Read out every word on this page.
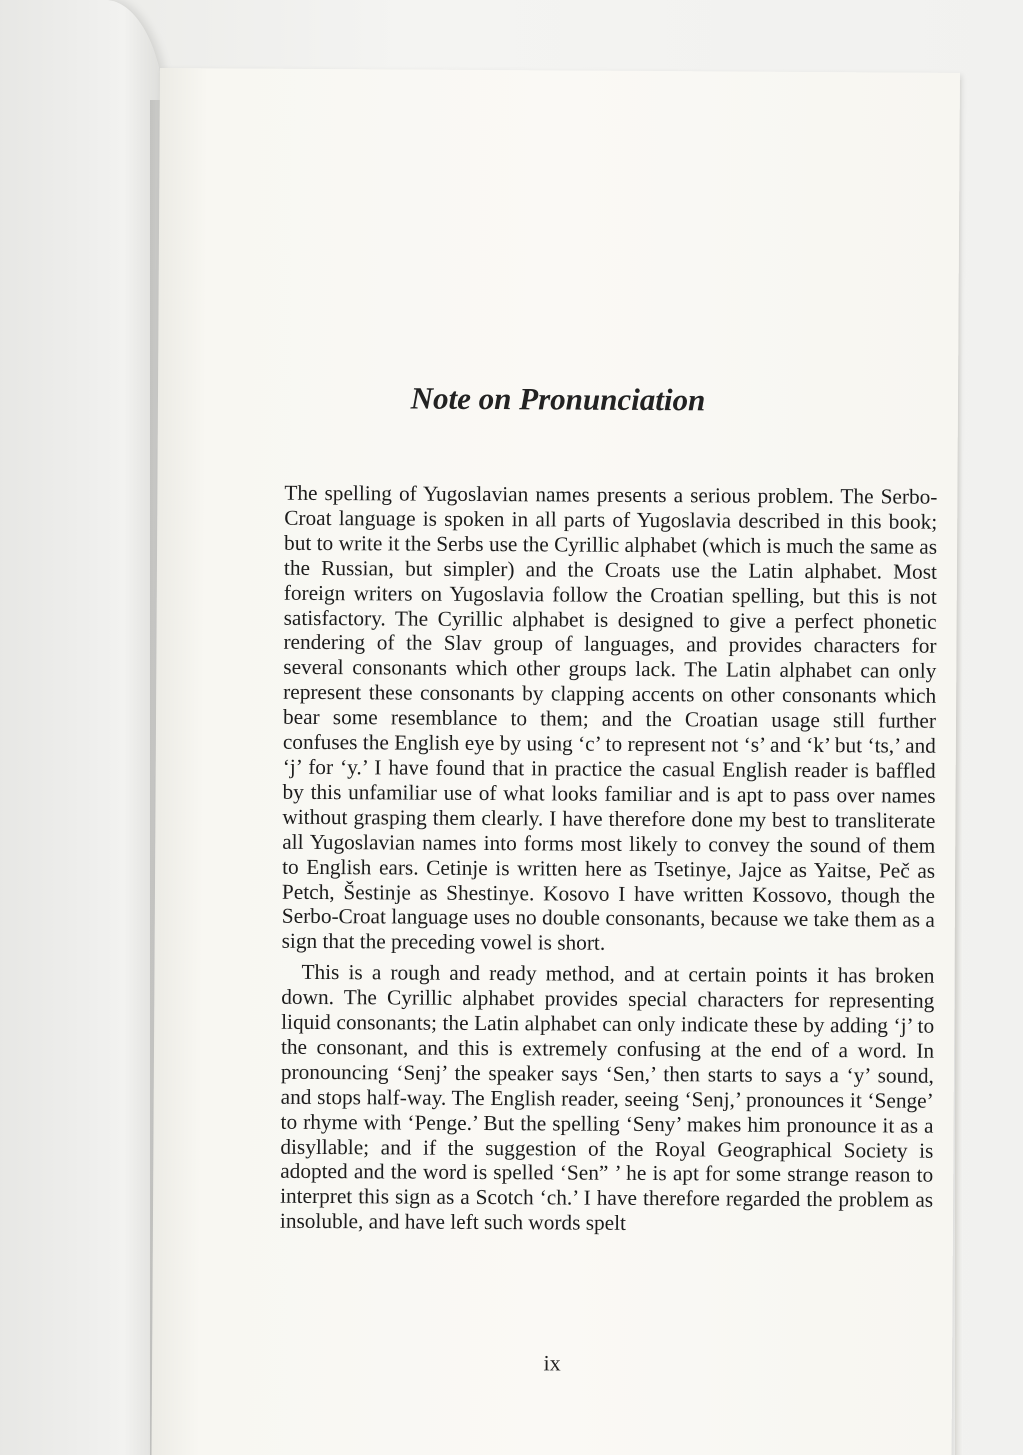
Note on Pronunciation

The spelling of Yugoslavian names presents a serious problem. The Serbo-Croat language is spoken in all parts of Yugoslavia described in this book; but to write it the Serbs use the Cyrillic alphabet (which is much the same as the Russian, but simpler) and the Croats use the Latin alphabet. Most foreign writers on Yugoslavia follow the Croatian spelling, but this is not satisfactory. The Cyrillic alphabet is designed to give a perfect phonetic rendering of the Slav group of languages, and provides characters for several consonants which other groups lack. The Latin alphabet can only represent these consonants by clapping accents on other consonants which bear some resemblance to them; and the Croatian usage still further confuses the English eye by using ‘c’ to represent not ‘s’ and ‘k’ but ‘ts,’ and ‘j’ for ‘y.’ I have found that in practice the casual English reader is baffled by this unfamiliar use of what looks familiar and is apt to pass over names without grasping them clearly. I have therefore done my best to transliterate all Yugoslavian names into forms most likely to convey the sound of them to English ears. Cetinje is written here as Tsetinye, Jajce as Yaitse, Peč as Petch, Šestinje as Shestinye. Kosovo I have written Kossovo, though the Serbo-Croat language uses no double consonants, because we take them as a sign that the preceding vowel is short.

This is a rough and ready method, and at certain points it has broken down. The Cyrillic alphabet provides special characters for representing liquid consonants; the Latin alphabet can only indicate these by adding ‘j’ to the consonant, and this is extremely confusing at the end of a word. In pronouncing ‘Senj’ the speaker says ‘Sen,’ then starts to says a ‘y’ sound, and stops half-way. The English reader, seeing ‘Senj,’ pronounces it ‘Senge’ to rhyme with ‘Penge.’ But the spelling ‘Seny’ makes him pronounce it as a disyllable; and if the suggestion of the Royal Geographical Society is adopted and the word is spelled ‘Sen” ’ he is apt for some strange reason to interpret this sign as a Scotch ‘ch.’ I have therefore regarded the problem as insoluble, and have left such words spelt

ix
